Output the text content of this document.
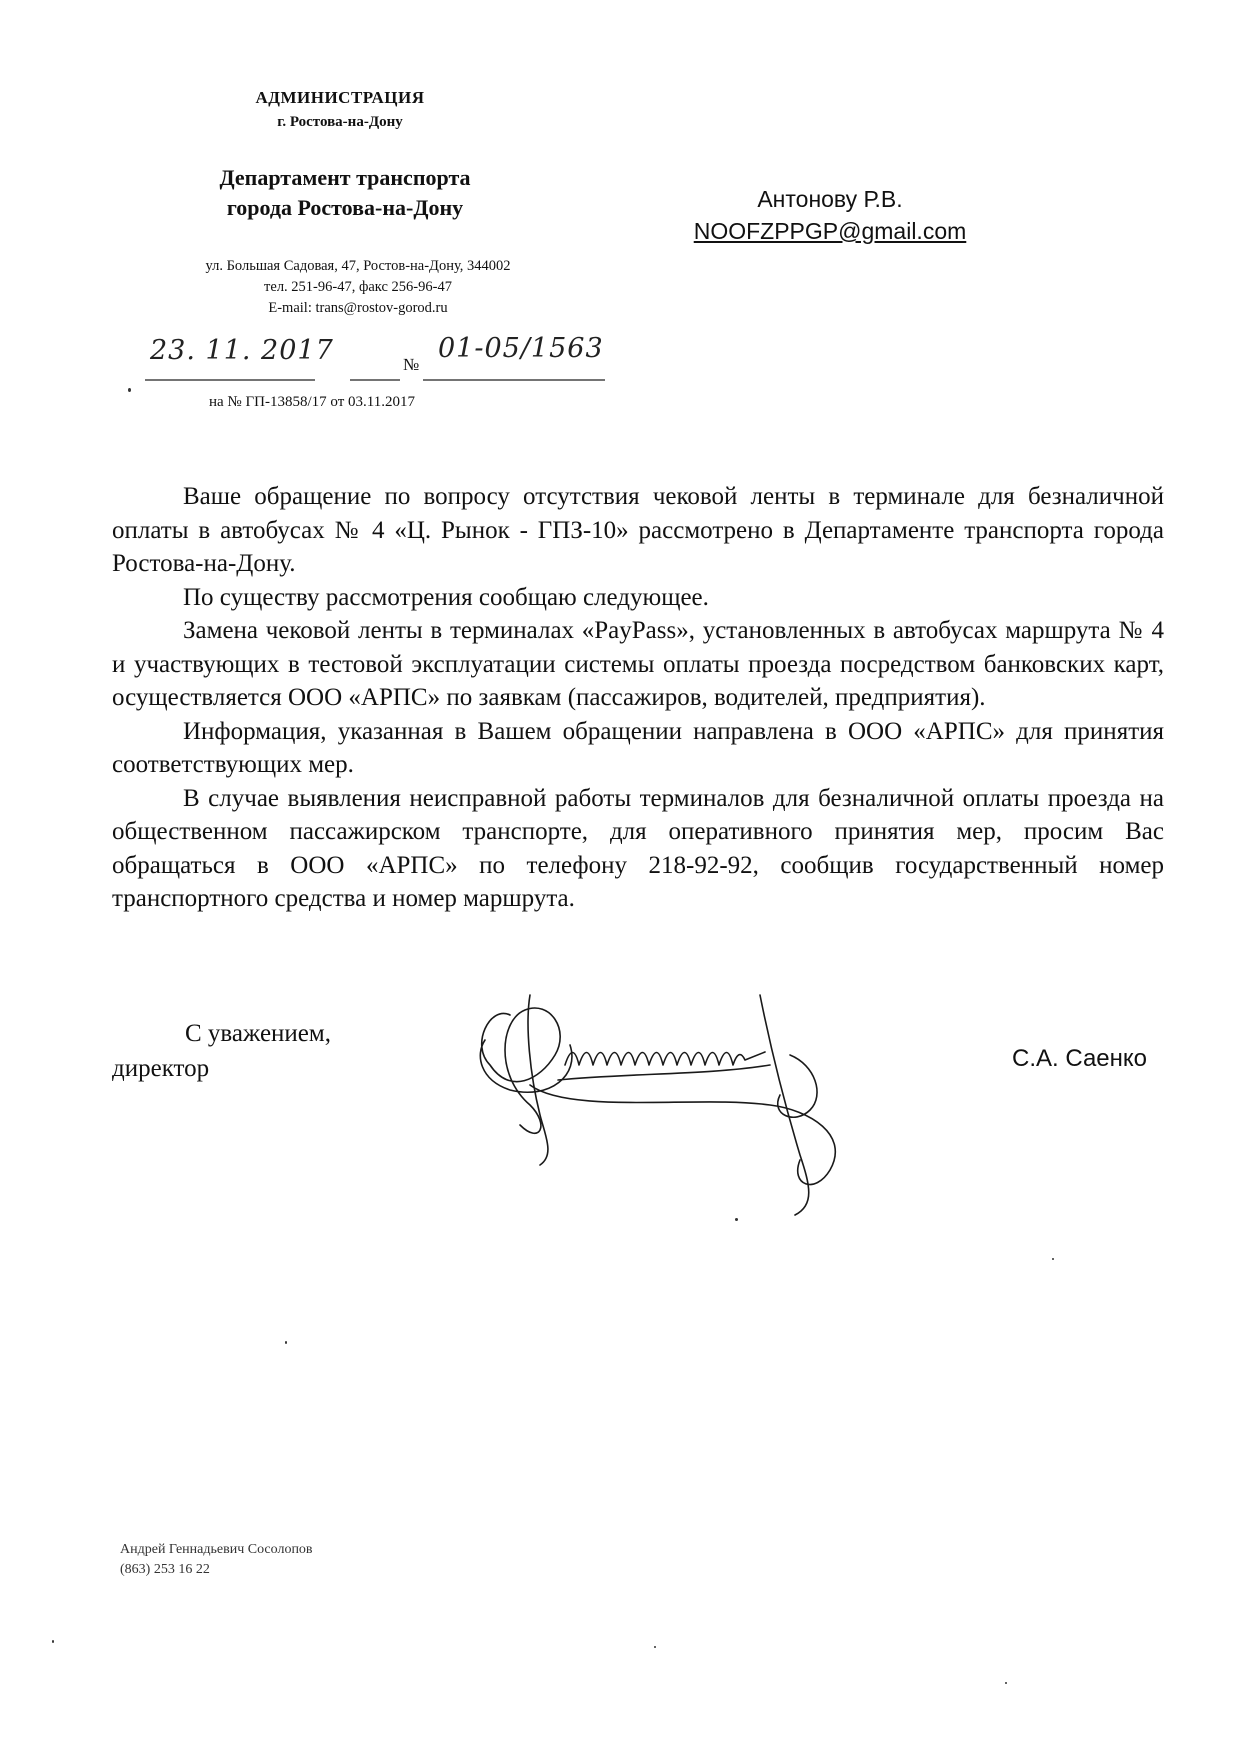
АДМИНИСТРАЦИЯ
г. Ростова-на-Дону
Департамент транспорта
города Ростова-на-Дону
ул. Большая Садовая, 47, Ростов-на-Дону, 344002
тел. 251-96-47, факс 256-96-47
E-mail: trans@rostov-gorod.ru
23. 11. 2017	№
01-05/1563
на № ГП-13858/17 от 03.11.2017
Антонову Р.В.
NOOFZPPGP@gmail.com

Ваше обращение по вопросу отсутствия чековой ленты в терминале для безналичной оплаты в автобусах № 4 «Ц. Рынок - ГПЗ-10» рассмотрено в Департаменте транспорта города Ростова-на-Дону.

По существу рассмотрения сообщаю следующее.

Замена чековой ленты в терминалах «PayPass», установленных в автобусах маршрута № 4 и участвующих в тестовой эксплуатации системы оплаты проезда посредством банковских карт, осуществляется ООО «АРПС» по заявкам (пассажиров, водителей, предприятия).

Информация, указанная в Вашем обращении направлена в ООО «АРПС» для принятия соответствующих мер.

В случае выявления неисправной работы терминалов для безналичной оплаты проезда на общественном пассажирском транспорте, для оперативного принятия мер, просим Вас обращаться в ООО «АРПС» по телефону 218-92-92, сообщив государственный номер транспортного средства и номер маршрута.

С уважением,
директор	С.А. Саенко
Андрей Геннадьевич Сосолопов
(863) 253 16 22
